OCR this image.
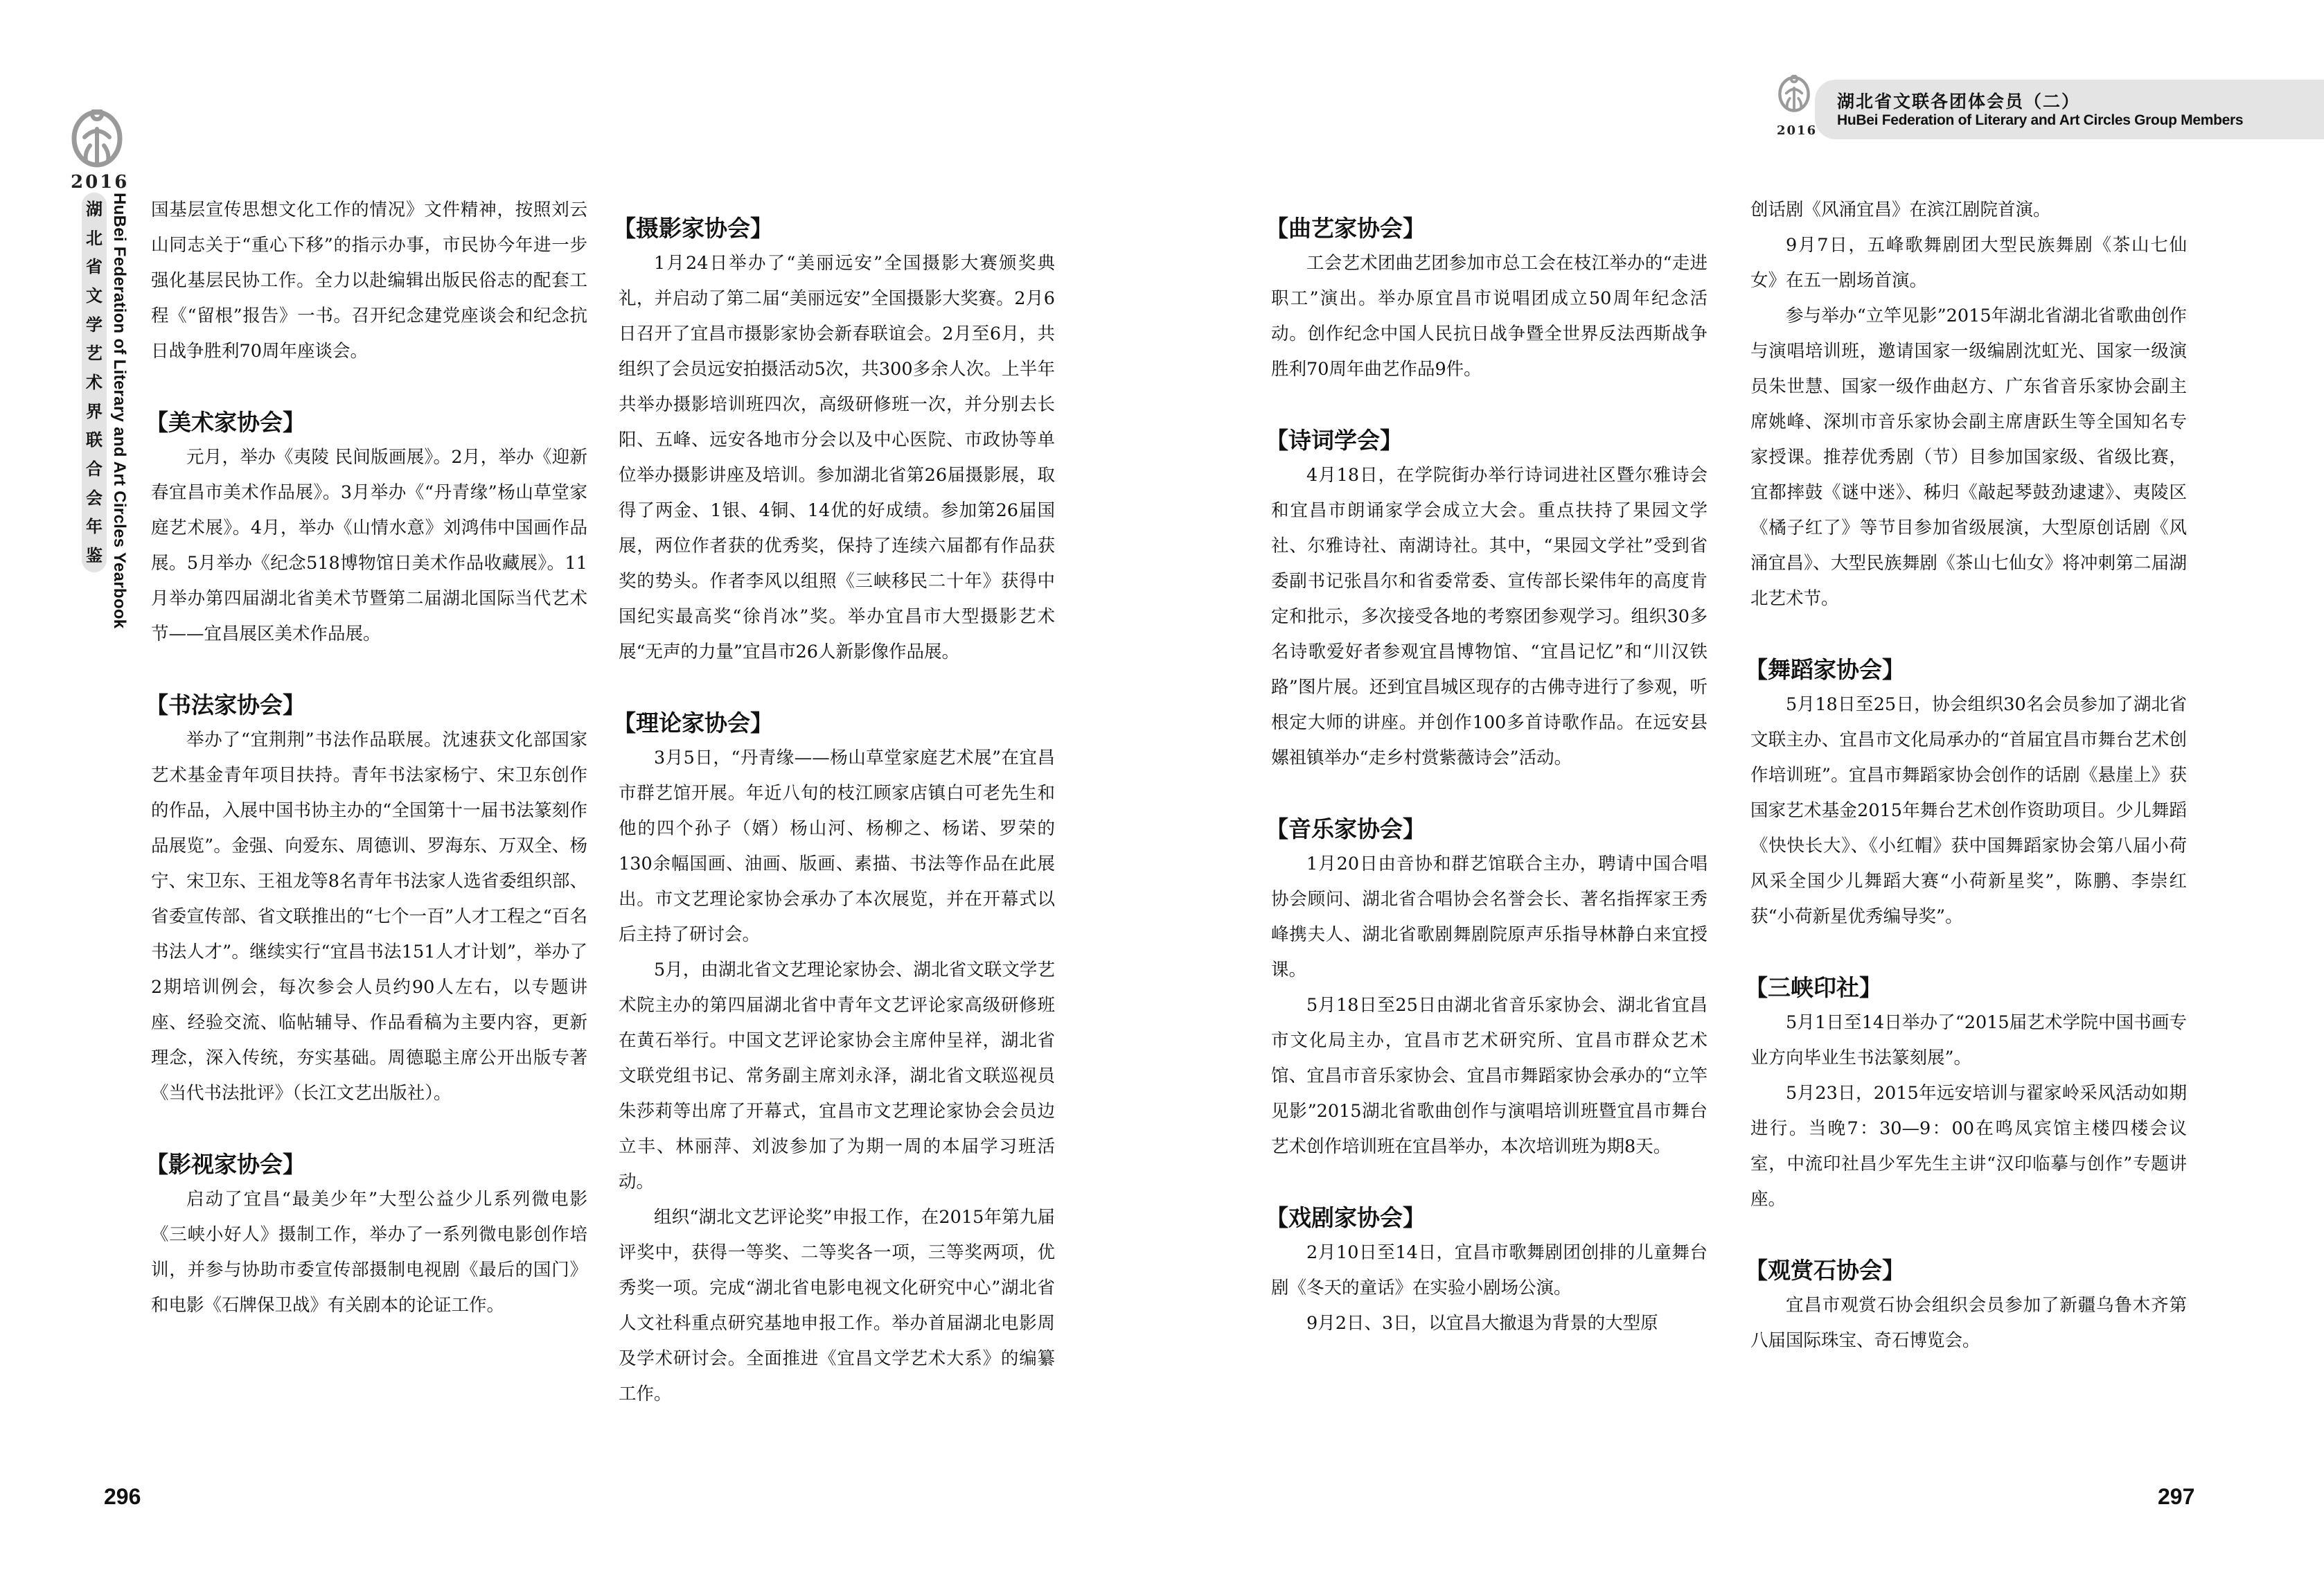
2016
湖
北
省
文
学
艺
术
界
联
合
会
年
鉴 HuBei Federation of Literary and Art Circles Yearbook 国基层宣传思想文化工作的情况》文件精神，按照刘云山同志关于“重心下移”的指示办事，市民协今年进一步强化基层民协工作。全力以赴编辑出版民俗志的配套工程《“留根”报告》一书。召开纪念建党座谈会和纪念抗日战争胜利70周年座谈会。

【美术家协会】

元月，举办《夷陵 民间版画展》。2月，举办《迎新春宜昌市美术作品展》。3月举办《“丹青缘”杨山草堂家庭艺术展》。4月，举办《山情水意》刘鸿伟中国画作品展。5月举办《纪念518博物馆日美术作品收藏展》。11月举办第四届湖北省美术节暨第二届湖北国际当代艺术节——宜昌展区美术作品展。

【书法家协会】

举办了“宜荆荆”书法作品联展。沈速获文化部国家艺术基金青年项目扶持。青年书法家杨宁、宋卫东创作的作品，入展中国书协主办的“全国第十一届书法篆刻作品展览”。金强、向爱东、周德训、罗海东、万双全、杨宁、宋卫东、王祖龙等8名青年书法家人选省委组织部、省委宣传部、省文联推出的“七个一百”人才工程之“百名书法人才”。继续实行“宜昌书法151人才计划”，举办了2期培训例会，每次参会人员约90人左右，以专题讲座、经验交流、临帖辅导、作品看稿为主要内容，更新理念，深入传统，夯实基础。周德聪主席公开出版专著《当代书法批评》（长江文艺出版社）。

【影视家协会】

启动了宜昌“最美少年”大型公益少儿系列微电影《三峡小好人》摄制工作，举办了一系列微电影创作培训，并参与协助市委宣传部摄制电视剧《最后的国门》和电影《石牌保卫战》有关剧本的论证工作。

【摄影家协会】

1月24日举办了“美丽远安”全国摄影大赛颁奖典礼，并启动了第二届“美丽远安”全国摄影大奖赛。2月6日召开了宜昌市摄影家协会新春联谊会。2月至6月，共组织了会员远安拍摄活动5次，共300多余人次。上半年共举办摄影培训班四次，高级研修班一次，并分别去长阳、五峰、远安各地市分会以及中心医院、市政协等单位举办摄影讲座及培训。参加湖北省第26届摄影展，取得了两金、1银、4铜、14优的好成绩。参加第26届国展，两位作者获的优秀奖，保持了连续六届都有作品获奖的势头。作者李风以组照《三峡移民二十年》获得中国纪实最高奖“徐肖冰”奖。举办宜昌市大型摄影艺术展“无声的力量”宜昌市26人新影像作品展。

【理论家协会】

3月5日，“丹青缘——杨山草堂家庭艺术展”在宜昌市群艺馆开展。年近八旬的枝江顾家店镇白可老先生和他的四个孙子（婿）杨山河、杨柳之、杨诺、罗荣的130余幅国画、油画、版画、素描、书法等作品在此展出。市文艺理论家协会承办了本次展览，并在开幕式以后主持了研讨会。

5月，由湖北省文艺理论家协会、湖北省文联文学艺术院主办的第四届湖北省中青年文艺评论家高级研修班在黄石举行。中国文艺评论家协会主席仲呈祥，湖北省文联党组书记、常务副主席刘永泽，湖北省文联巡视员朱莎莉等出席了开幕式，宜昌市文艺理论家协会会员边立丰、林丽萍、刘波参加了为期一周的本届学习班活动。

组织“湖北文艺评论奖”申报工作，在2015年第九届评奖中，获得一等奖、二等奖各一项，三等奖两项，优秀奖一项。完成“湖北省电影电视文化研究中心”湖北省人文社科重点研究基地申报工作。举办首届湖北电影周及学术研讨会。全面推进《宜昌文学艺术大系》的编纂工作。

296
湖北省文联各团体会员（二）
HuBei Federation of Literary and Art Circles Group Members
2016
【曲艺家协会】

工会艺术团曲艺团参加市总工会在枝江举办的“走进职工”演出。举办原宜昌市说唱团成立50周年纪念活动。创作纪念中国人民抗日战争暨全世界反法西斯战争胜利70周年曲艺作品9件。

【诗词学会】

4月18日，在学院街办举行诗词进社区暨尔雅诗会和宜昌市朗诵家学会成立大会。重点扶持了果园文学社、尔雅诗社、南湖诗社。其中，“果园文学社”受到省委副书记张昌尔和省委常委、宣传部长梁伟年的高度肯定和批示，多次接受各地的考察团参观学习。组织30多名诗歌爱好者参观宜昌博物馆、“宜昌记忆”和“川汉铁路”图片展。还到宜昌城区现存的古佛寺进行了参观，听根定大师的讲座。并创作100多首诗歌作品。在远安县嫘祖镇举办“走乡村赏紫薇诗会”活动。

【音乐家协会】

1月20日由音协和群艺馆联合主办，聘请中国合唱协会顾问、湖北省合唱协会名誉会长、著名指挥家王秀峰携夫人、湖北省歌剧舞剧院原声乐指导林静白来宜授课。

5月18日至25日由湖北省音乐家协会、湖北省宜昌市文化局主办，宜昌市艺术研究所、宜昌市群众艺术馆、宜昌市音乐家协会、宜昌市舞蹈家协会承办的“立竿见影”2015湖北省歌曲创作与演唱培训班暨宜昌市舞台艺术创作培训班在宜昌举办，本次培训班为期8天。

【戏剧家协会】

2月10日至14日，宜昌市歌舞剧团创排的儿童舞台剧《冬天的童话》在实验小剧场公演。

9月2日、3日，以宜昌大撤退为背景的大型原

创话剧《风涌宜昌》在滨江剧院首演。

9月7日，五峰歌舞剧团大型民族舞剧《茶山七仙女》在五一剧场首演。

参与举办“立竿见影”2015年湖北省湖北省歌曲创作与演唱培训班，邀请国家一级编剧沈虹光、国家一级演员朱世慧、国家一级作曲赵方、广东省音乐家协会副主席姚峰、深圳市音乐家协会副主席唐跃生等全国知名专家授课。推荐优秀剧（节）目参加国家级、省级比赛，宜都摔鼓《谜中迷》、秭归《敲起琴鼓劲逮逮》、夷陵区《橘子红了》等节目参加省级展演，大型原创话剧《风涌宜昌》、大型民族舞剧《茶山七仙女》将冲刺第二届湖北艺术节。

【舞蹈家协会】

5月18日至25日，协会组织30名会员参加了湖北省文联主办、宜昌市文化局承办的“首届宜昌市舞台艺术创作培训班”。宜昌市舞蹈家协会创作的话剧《悬崖上》获国家艺术基金2015年舞台艺术创作资助项目。少儿舞蹈《快快长大》、《小红帽》获中国舞蹈家协会第八届小荷风采全国少儿舞蹈大赛“小荷新星奖”，陈鹏、李崇红获“小荷新星优秀编导奖”。

【三峡印社】

5月1日至14日举办了“2015届艺术学院中国书画专业方向毕业生书法篆刻展”。

5月23日，2015年远安培训与翟家岭采风活动如期进行。当晚7：30—9：00在鸣凤宾馆主楼四楼会议室，中流印社昌少军先生主讲“汉印临摹与创作”专题讲座。

【观赏石协会】

宜昌市观赏石协会组织会员参加了新疆乌鲁木齐第八届国际珠宝、奇石博览会。

297
